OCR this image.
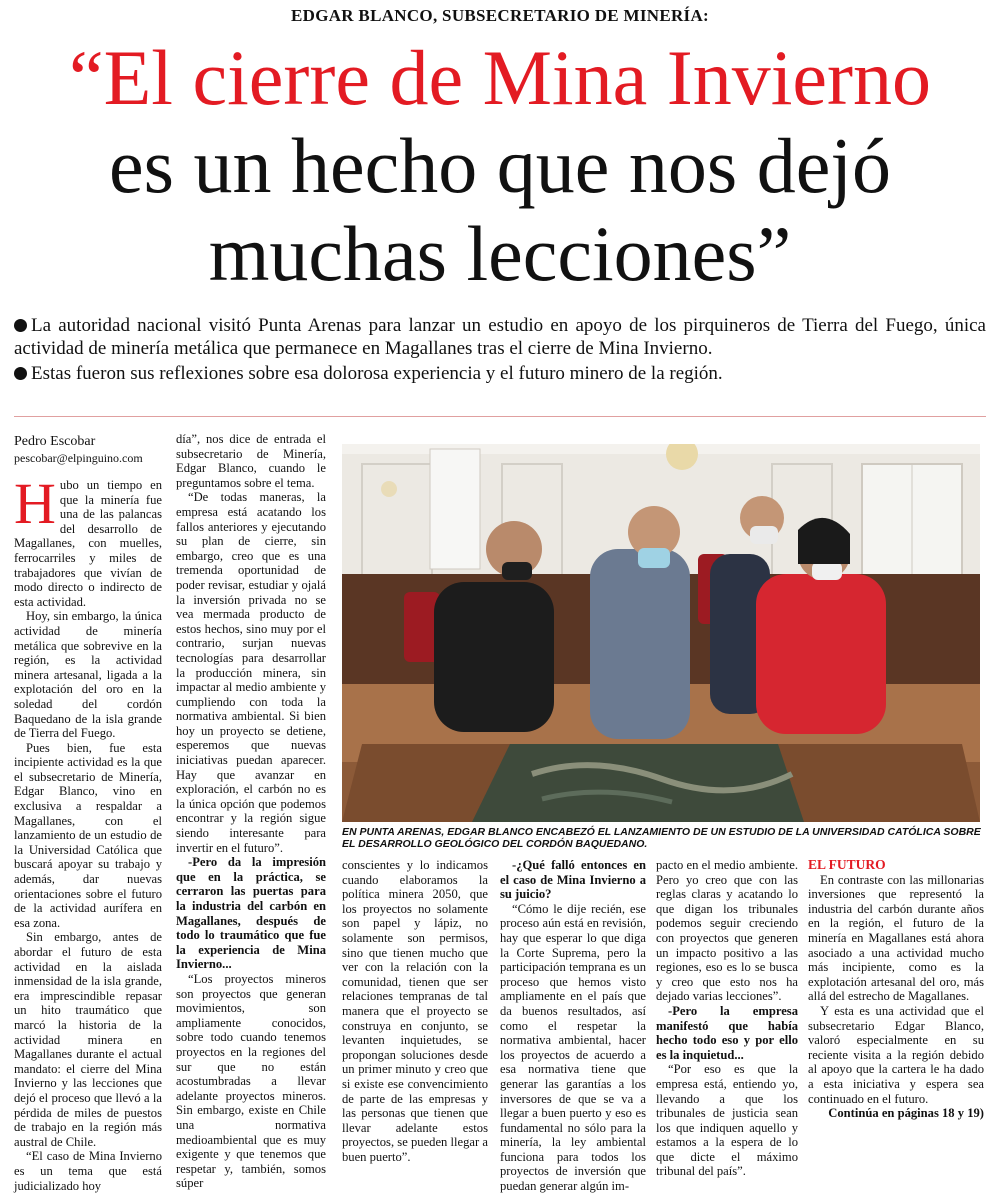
EDGAR BLANCO, SUBSECRETARIO DE MINERÍA:
“El cierre de Mina Invierno
es un hecho que nos dejó
muchas lecciones”

La autoridad nacional visitó Punta Arenas para lanzar un estudio en apoyo de los pirquineros de Tierra del Fuego, única actividad de minería metálica que permanece en Magallanes tras el cierre de Mina Invierno.

Estas fueron sus reflexiones sobre esa dolorosa experiencia y el futuro minero de la región.

Pedro Escobar
pescobar@elpinguino.com

Hubo un tiempo en que la minería fue una de las palancas del desarrollo de Magallanes, con muelles, ferrocarriles y miles de trabajadores que vivían de modo directo o indirecto de esta actividad.

Hoy, sin embargo, la única actividad de minería metálica que sobrevive en la región, es la actividad minera artesanal, ligada a la explotación del oro en la soledad del cordón Baquedano de la isla grande de Tierra del Fuego.

Pues bien, fue esta incipiente actividad es la que el subsecretario de Minería, Edgar Blanco, vino en exclusiva a respaldar a Magallanes, con el lanzamiento de un estudio de la Universidad Católica que buscará apoyar su trabajo y además, dar nuevas orientaciones sobre el futuro de la actividad aurífera en esa zona.

Sin embargo, antes de abordar el futuro de esta actividad en la aislada inmensidad de la isla grande, era imprescindible repasar un hito traumático que marcó la historia de la actividad minera en Magallanes durante el actual mandato: el cierre del Mina Invierno y las lecciones que dejó el proceso que llevó a la pérdida de miles de puestos de trabajo en la región más austral de Chile.

“El caso de Mina Invierno es un tema que está judicializado hoy

día”, nos dice de entrada el subsecretario de Minería, Edgar Blanco, cuando le preguntamos sobre el tema.

“De todas maneras, la empresa está acatando los fallos anteriores y ejecutando su plan de cierre, sin embargo, creo que es una tremenda oportunidad de poder revisar, estudiar y ojalá la inversión privada no se vea mermada producto de estos hechos, sino muy por el contrario, surjan nuevas tecnologías para desarrollar la producción minera, sin impactar al medio ambiente y cumpliendo con toda la normativa ambiental. Si bien hoy un proyecto se detiene, esperemos que nuevas iniciativas puedan aparecer. Hay que avanzar en exploración, el carbón no es la única opción que podemos encontrar y la región sigue siendo interesante para invertir en el futuro”.

-Pero da la impresión que en la práctica, se cerraron las puertas para la industria del carbón en Magallanes, después de todo lo traumático que fue la experiencia de Mina Invierno...

“Los proyectos mineros son proyectos que generan movimientos, son ampliamente conocidos, sobre todo cuando tenemos proyectos en la regiones del sur que no están acostumbradas a llevar adelante proyectos mineros. Sin embargo, existe en Chile una normativa medioambiental que es muy exigente y que tenemos que respetar y, también, somos súper

EN PUNTA ARENAS, EDGAR BLANCO ENCABEZÓ EL LANZAMIENTO DE UN ESTUDIO DE LA UNIVERSIDAD CATÓLICA SOBRE EL DESARROLLO GEOLÓGICO DEL CORDÓN BAQUEDANO.

conscientes y lo indicamos cuando elaboramos la política minera 2050, que los proyectos no solamente son papel y lápiz, no solamente son permisos, sino que tienen mucho que ver con la relación con la comunidad, tienen que ser relaciones tempranas de tal manera que el proyecto se construya en conjunto, se levanten inquietudes, se propongan soluciones desde un primer minuto y creo que si existe ese convencimiento de parte de las empresas y las personas que tienen que llevar adelante estos proyectos, se pueden llegar a buen puerto”.

-¿Qué falló entonces en el caso de Mina Invierno a su juicio?

“Cómo le dije recién, ese proceso aún está en revisión, hay que esperar lo que diga la Corte Suprema, pero la participación temprana es un proceso que hemos visto ampliamente en el país que da buenos resultados, así como el respetar la normativa ambiental, hacer los proyectos de acuerdo a esa normativa tiene que generar las garantías a los inversores de que se va a llegar a buen puerto y eso es fundamental no sólo para la minería, la ley ambiental funciona para todos los proyectos de inversión que puedan generar algún im-

pacto en el medio ambiente. Pero yo creo que con las reglas claras y acatando lo que digan los tribunales podemos seguir creciendo con proyectos que generen un impacto positivo a las regiones, eso es lo se busca y creo que esto nos ha dejado varias lecciones”.

-Pero la empresa manifestó que había hecho todo eso y por ello es la inquietud...

“Por eso es que la empresa está, entiendo yo, llevando a que los tribunales de justicia sean los que indiquen aquello y estamos a la espera de lo que dicte el máximo tribunal del país”.

EL FUTURO

En contraste con las millonarias inversiones que representó la industria del carbón durante años en la región, el futuro de la minería en Magallanes está ahora asociado a una actividad mucho más incipiente, como es la explotación artesanal del oro, más allá del estrecho de Magallanes.

Y esta es una actividad que el subsecretario Edgar Blanco, valoró especialmente en su reciente visita a la región debido al apoyo que la cartera le ha dado a esta iniciativa y espera sea continuado en el futuro.

Continúa en páginas 18 y 19)
